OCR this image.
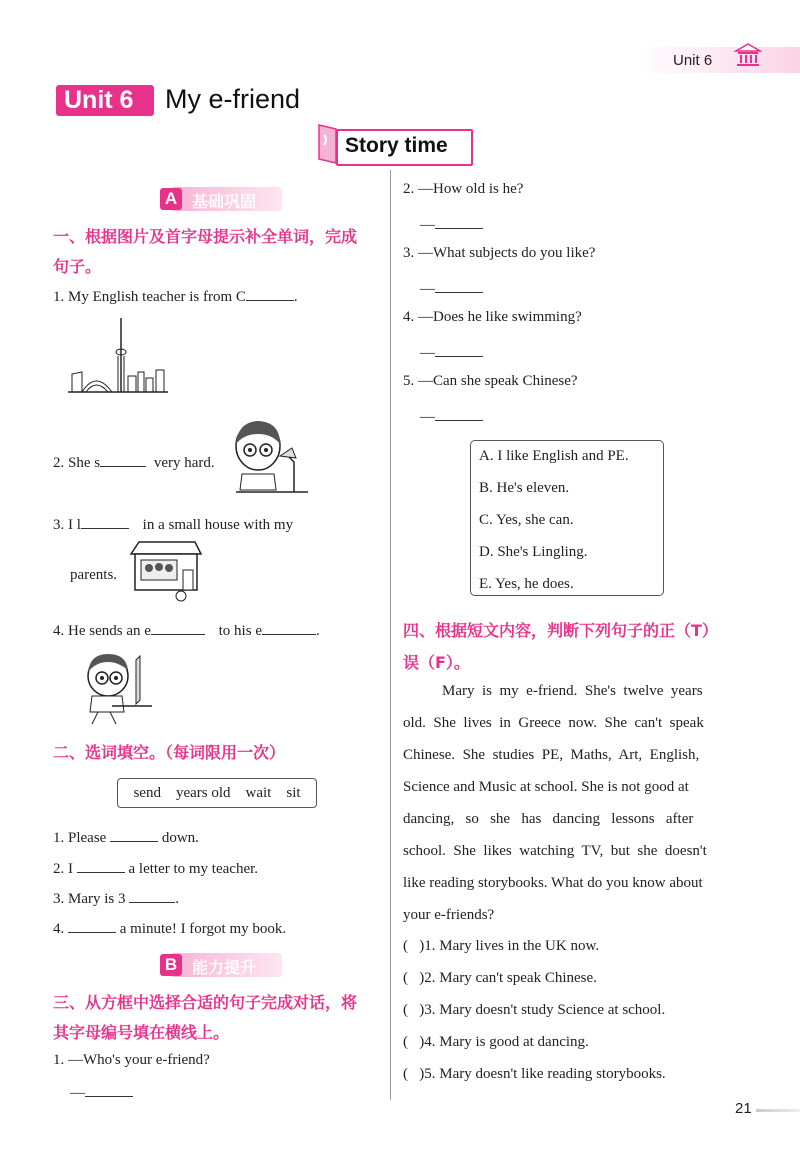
Unit 6
Unit 6 My e-friend
Story time
A 基础巩固
一、根据图片及首字母提示补全单词，完成
句子。
1. My English teacher is from C	.
2. She s	very hard.
3. I l	in a small house with my
parents.
4. He sends an e	to his e	.
二、选词填空。（每词限用一次）
send    years old    wait    sit
1. Please	down.
2. I	a letter to my teacher.
3. Mary is 3	.
4.	a minute! I forgot my book.
B 能力提升
三、从方框中选择合适的句子完成对话，将
其字母编号填在横线上。
1. —Who's your e-friend?
—
2. —How old is he?
—
3. —What subjects do you like?
—
4. —Does he like swimming?
—
5. —Can she speak Chinese?
—
A. I like English and PE.
B. He's eleven.
C. Yes, she can.
D. She's Lingling.
E. Yes, he does.
四、根据短文内容，判断下列句子的正（T）
误（F）。
Mary  is  my  e-friend.  She's  twelve  years
old.  She  lives  in  Greece  now.  She  can't  speak
Chinese.  She  studies  PE,  Maths,  Art,  English,
Science and Music at school. She is not good at
dancing,   so   she   has   dancing   lessons   after
school.  She  likes  watching  TV,  but  she  doesn't
like reading storybooks. What do you know about
your e-friends?
(   )1. Mary lives in the UK now.
(   )2. Mary can't speak Chinese.
(   )3. Mary doesn't study Science at school.
(   )4. Mary is good at dancing.
(   )5. Mary doesn't like reading storybooks.
21
